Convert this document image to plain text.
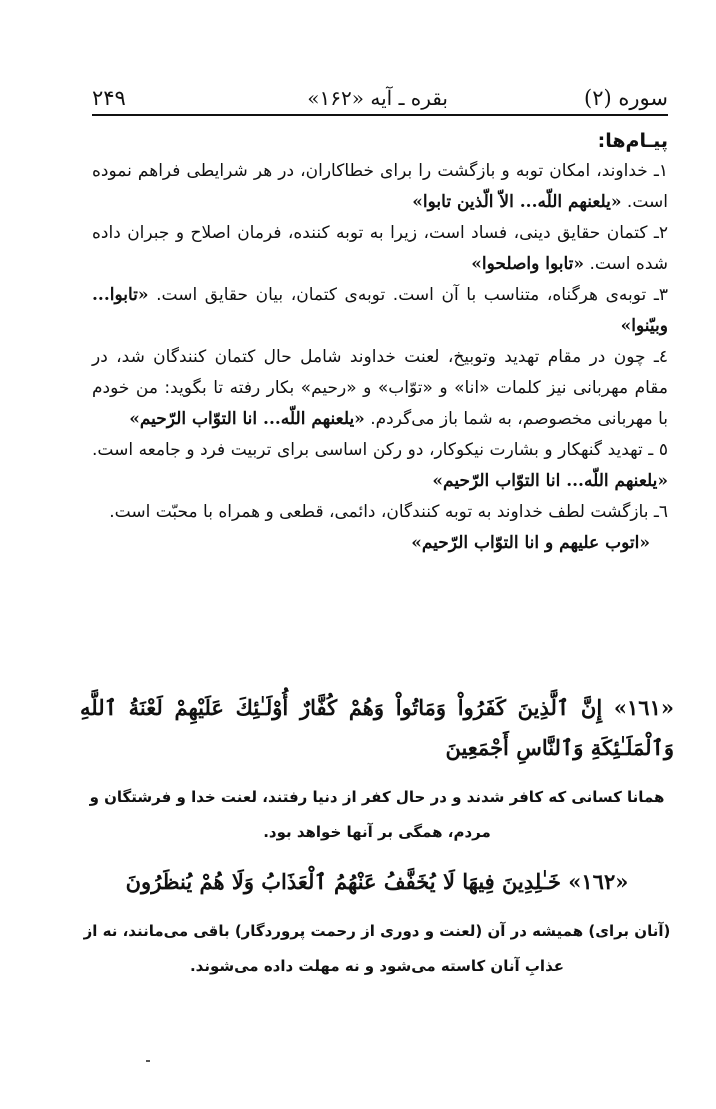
سوره (۲)
بقره ـ آیه «۱۶۲»
۲۴۹

پیـام‌ها:

۱ـ خداوند، امکان توبه و بازگشت را برای خطاکاران، در هر شرایطی فراهم نموده است. «یلعنهم اللّه... الاّ الّذین تابوا»

۲ـ کتمان حقایق دینی، فساد است، زیرا به توبه کننده، فرمان اصلاح و جبران داده شده است. «تابوا واصلحوا»

۳ـ توبه‌ی هرگناه، متناسب با آن است. توبه‌ی کتمان، بیان حقایق است. «تابوا... وبیّنوا»

٤ـ چون در مقام تهدید وتوبیخ، لعنت خداوند شامل حال کتمان کنندگان شد، در مقام مهربانی نیز کلمات «انا» و «توّاب» و «رحیم» بکار رفته تا بگوید: من خودم با مهربانی مخصوصم، به شما باز می‌گردم. «یلعنهم اللّه... انا التوّاب الرّحیم»

٥ ـ تهدید گنهکار و بشارت نیکوکار، دو رکن اساسی برای تربیت فرد و جامعه است. «یلعنهم اللّه... انا التوّاب الرّحیم»

٦ـ بازگشت لطف خداوند به توبه کنندگان، دائمی، قطعی و همراه با محبّت است.
«اتوب علیهم و انا التوّاب الرّحیم»

«۱٦۱» إِنَّ ٱلَّذِينَ كَفَرُواْ وَمَاتُواْ وَهُمْ كُفَّارٌ أُوْلَـٰئِكَ عَلَيْهِمْ لَعْنَةُ ٱللَّهِ وَٱلْمَلَـٰئِكَةِ وَٱلنَّاسِ أَجْمَعِينَ
همانا کسانی که کافر شدند و در حال کفر از دنیا رفتند، لعنت خدا و فرشتگان و مردم، همگی بر آنها خواهد بود.
«۱٦۲» خَـٰلِدِينَ فِيهَا لَا يُخَفَّفُ عَنْهُمُ ٱلْعَذَابُ وَلَا هُمْ يُنظَرُونَ
(آنان برای) همیشه در آن (لعنت و دوری از رحمت پروردگار) باقی می‌مانند، نه از عذابِ آنان کاسته می‌شود و نه مهلت داده می‌شوند.
